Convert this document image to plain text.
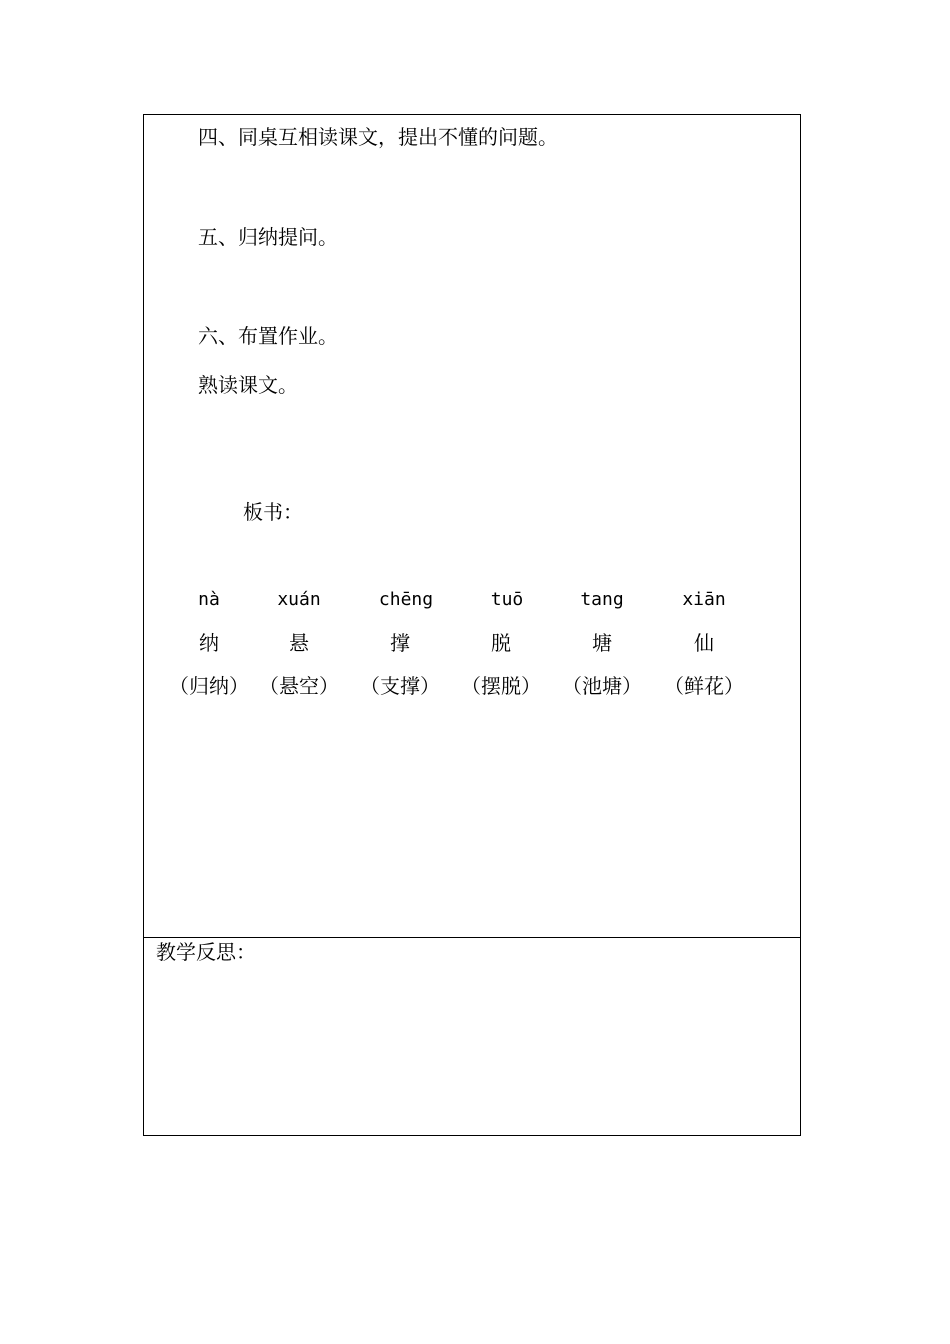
四、同桌互相读课文，提出不懂的问题。
五、归纳提问。
六、布置作业。
熟读课文。
板书：
nà	xuán	chēng	tuō	tang	xiān
纳	悬	撑	脱	塘	仙
（归纳） （悬空）	（支撑）	（摆脱）	（池塘）	（鲜花）
教学反思：
